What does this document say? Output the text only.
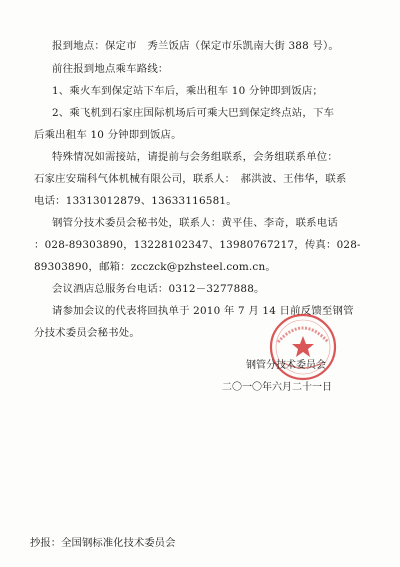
报到地点：保定市　秀兰饭店（保定市乐凯南大街 388 号）。
前往报到地点乘车路线：
1、乘火车到保定站下车后，乘出租车 10 分钟即到饭店；
2、乘飞机到石家庄国际机场后可乘大巴到保定终点站，下车
后乘出租车 10 分钟即到饭店。
特殊情况如需接站，请提前与会务组联系，会务组联系单位：
石家庄安瑞科气体机械有限公司，联系人：　郝洪波、王伟华，联系
电话：13313012879、13633116581。
钢管分技术委员会秘书处，联系人：黄平佳、李奇，联系电话
：028-89303890，13228102347、13980767217，传真：028-
89303890，邮箱：zcczck@pzhsteel.com.cn。
会议酒店总服务台电话：0312－3277888。
请参加会议的代表将回执单于 2010 年 7 月 14 日前反馈至钢管
分技术委员会秘书处。
钢管分技术委员会
二〇一〇年六月二十一日
抄报：全国钢标准化技术委员会
